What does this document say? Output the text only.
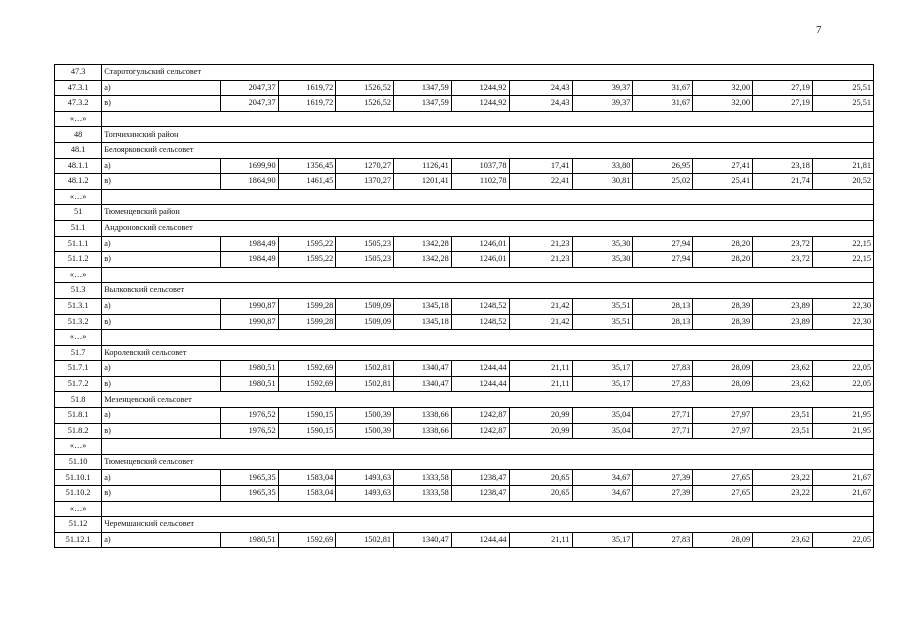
7
47.3	Старотогульский сельсовет											
47.3.1	а)	2047,37	1619,72	1526,52	1347,59	1244,92	24,43	39,37	31,67	32,00	27,19	25,51
47.3.2	в)	2047,37	1619,72	1526,52	1347,59	1244,92	24,43	39,37	31,67	32,00	27,19	25,51
«…»												
48	Топчихинский район											
48.1	Белоярковский сельсовет											
48.1.1	а)	1699,90	1356,45	1270,27	1126,41	1037,78	17,41	33,80	26,95	27,41	23,18	21,81
48.1.2	в)	1864,90	1461,45	1370,27	1201,41	1102,78	22,41	30,81	25,02	25,41	21,74	20,52
«…»												
51	Тюменцевский район											
51.1	Андроновский сельсовет											
51.1.1	а)	1984,49	1595,22	1505,23	1342,28	1246,01	21,23	35,30	27,94	28,20	23,72	22,15
51.1.2	в)	1984,49	1595,22	1505,23	1342,28	1246,01	21,23	35,30	27,94	28,20	23,72	22,15
«…»												
51.3	Вылковский сельсовет											
51.3.1	а)	1990,87	1599,28	1509,09	1345,18	1248,52	21,42	35,51	28,13	28,39	23,89	22,30
51.3.2	в)	1990,87	1599,28	1509,09	1345,18	1248,52	21,42	35,51	28,13	28,39	23,89	22,30
«…»												
51.7	Королевский сельсовет											
51.7.1	а)	1980,51	1592,69	1502,81	1340,47	1244,44	21,11	35,17	27,83	28,09	23,62	22,05
51.7.2	в)	1980,51	1592,69	1502,81	1340,47	1244,44	21,11	35,17	27,83	28,09	23,62	22,05
51.8	Мезенцевский сельсовет											
51.8.1	а)	1976,52	1590,15	1500,39	1338,66	1242,87	20,99	35,04	27,71	27,97	23,51	21,95
51.8.2	в)	1976,52	1590,15	1500,39	1338,66	1242,87	20,99	35,04	27,71	27,97	23,51	21,95
«…»												
51.10	Тюменцевский сельсовет											
51.10.1	а)	1965,35	1583,04	1493,63	1333,58	1238,47	20,65	34,67	27,39	27,65	23,22	21,67
51.10.2	в)	1965,35	1583,04	1493,63	1333,58	1238,47	20,65	34,67	27,39	27,65	23,22	21,67
«…»												
51.12	Черемшанский сельсовет											
51.12.1	а)	1980,51	1592,69	1502,81	1340,47	1244,44	21,11	35,17	27,83	28,09	23,62	22,05
